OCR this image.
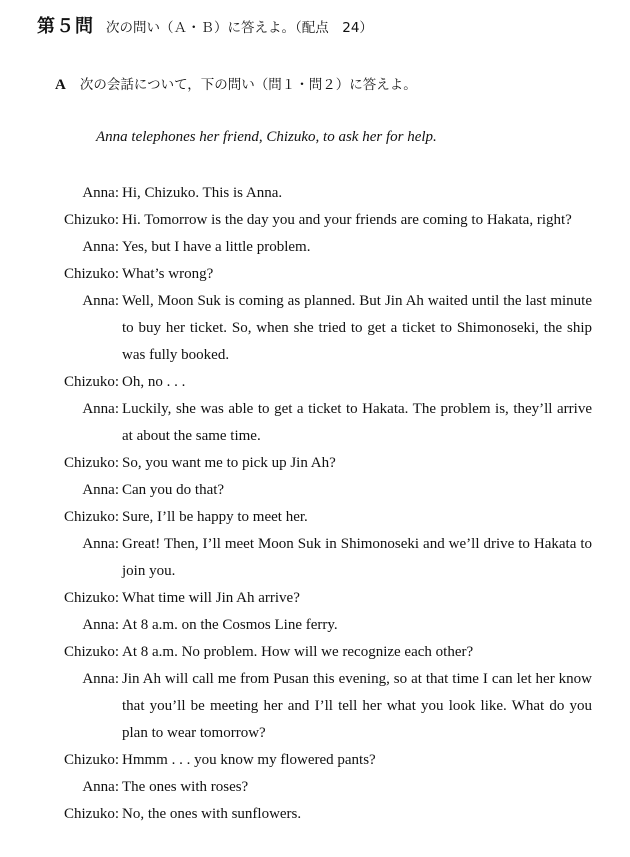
第５問 次の問い（Ａ・Ｂ）に答えよ。（配点　24）
A 次の会話について，下の問い（問１・問２）に答えよ。
Anna telephones her friend, Chizuko, to ask her for help.
Anna: Hi, Chizuko. This is Anna.
Chizuko: Hi. Tomorrow is the day you and your friends are coming to Hakata, right?
Anna: Yes, but I have a little problem.
Chizuko: What’s wrong?
Anna: Well, Moon Suk is coming as planned. But Jin Ah waited until the last minute to buy her ticket. So, when she tried to get a ticket to Shimonoseki, the ship was fully booked.
Chizuko: Oh, no . . .
Anna: Luckily, she was able to get a ticket to Hakata. The problem is, they’ll arrive at about the same time.
Chizuko: So, you want me to pick up Jin Ah?
Anna: Can you do that?
Chizuko: Sure, I’ll be happy to meet her.
Anna: Great! Then, I’ll meet Moon Suk in Shimonoseki and we’ll drive to Hakata to join you.
Chizuko: What time will Jin Ah arrive?
Anna: At 8 a.m. on the Cosmos Line ferry.
Chizuko: At 8 a.m. No problem. How will we recognize each other?
Anna: Jin Ah will call me from Pusan this evening, so at that time I can let her know that you’ll be meeting her and I’ll tell her what you look like. What do you plan to wear tomorrow?
Chizuko: Hmmm . . . you know my flowered pants?
Anna: The ones with roses?
Chizuko: No, the ones with sunflowers.
